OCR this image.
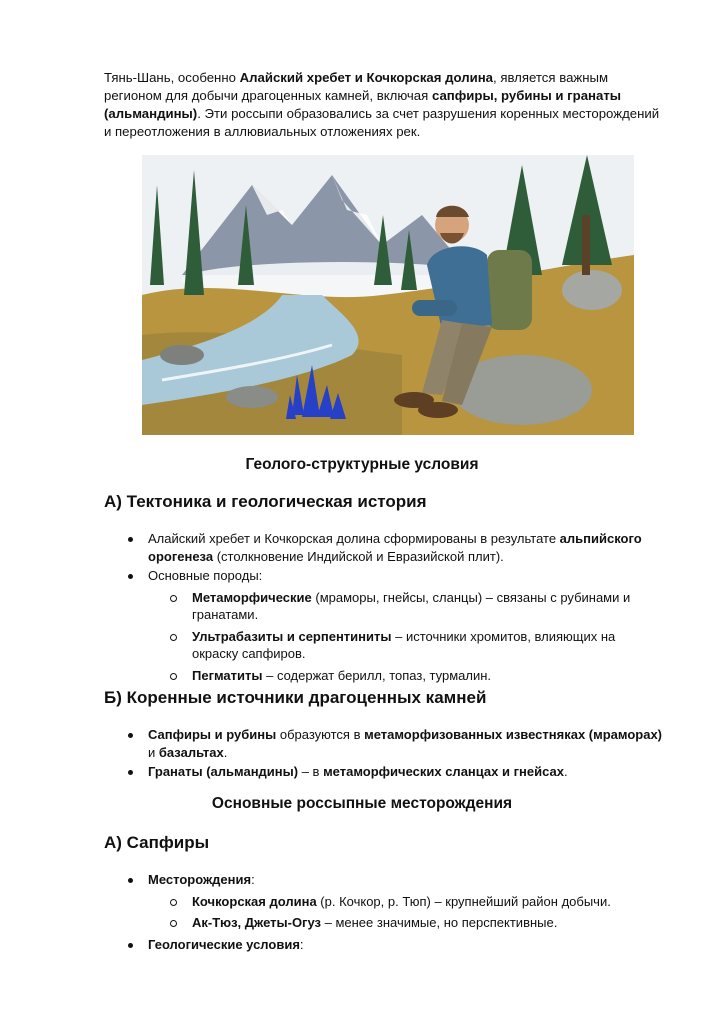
Тянь-Шань, особенно Алайский хребет и Кочкорская долина, является важным регионом для добычи драгоценных камней, включая сапфиры, рубины и гранаты (альмандины). Эти россыпи образовались за счет разрушения коренных месторождений и переотложения в аллювиальных отложениях рек.

Геолого-структурные условия
А) Тектоника и геологическая история
Алайский хребет и Кочкорская долина сформированы в результате альпийского орогенеза (столкновение Индийской и Евразийской плит).
Основные породы:
Метаморфические (мраморы, гнейсы, сланцы) – связаны с рубинами и гранатами.
Ультрабазиты и серпентиниты – источники хромитов, влияющих на окраску сапфиров.
Пегматиты – содержат берилл, топаз, турмалин.
Б) Коренные источники драгоценных камней
Сапфиры и рубины образуются в метаморфизованных известняках (мраморах) и базальтах.
Гранаты (альмандины) – в метаморфических сланцах и гнейсах.
Основные россыпные месторождения
А) Сапфиры
Месторождения:
Кочкорская долина (р. Кочкор, р. Тюп) – крупнейший район добычи.
Ак-Тюз, Джеты-Огуз – менее значимые, но перспективные.
Геологические условия:
